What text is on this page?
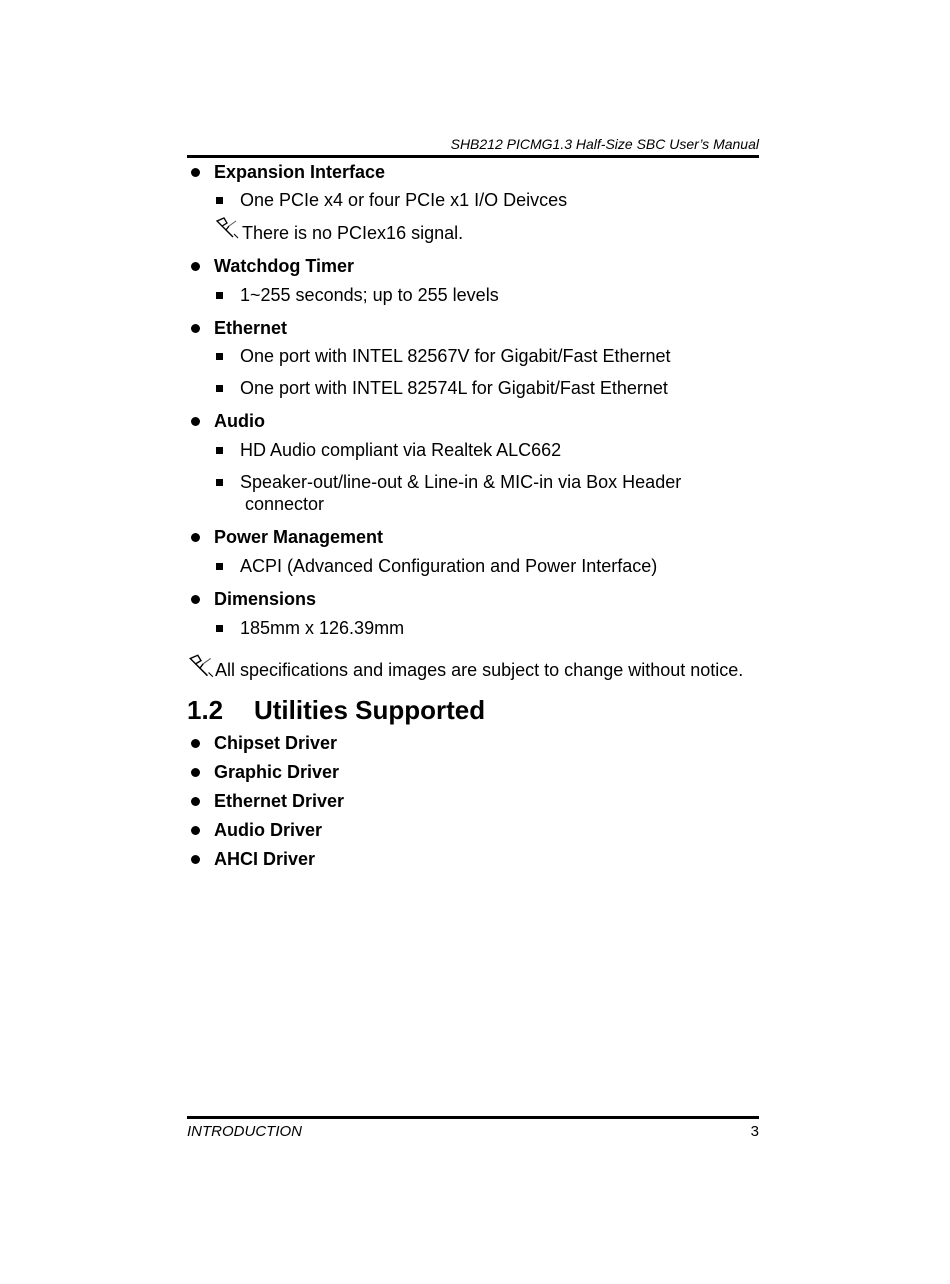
SHB212 PICMG1.3 Half-Size SBC User’s Manual
Expansion Interface
One PCIe x4 or four PCIe x1 I/O Deivces
There is no PCIex16 signal.
Watchdog Timer
1~255 seconds; up to 255 levels
Ethernet
One port with INTEL 82567V for Gigabit/Fast Ethernet
One port with INTEL 82574L for Gigabit/Fast Ethernet
Audio
HD Audio compliant via Realtek ALC662
Speaker-out/line-out & Line-in & MIC-in via Box Header
connector
Power Management
ACPI (Advanced Configuration and Power Interface)
Dimensions
185mm x 126.39mm
All specifications and images are subject to change without notice.
1.2 Utilities Supported
Chipset Driver
Graphic Driver
Ethernet Driver
Audio Driver
AHCI Driver
INTRODUCTION	3
